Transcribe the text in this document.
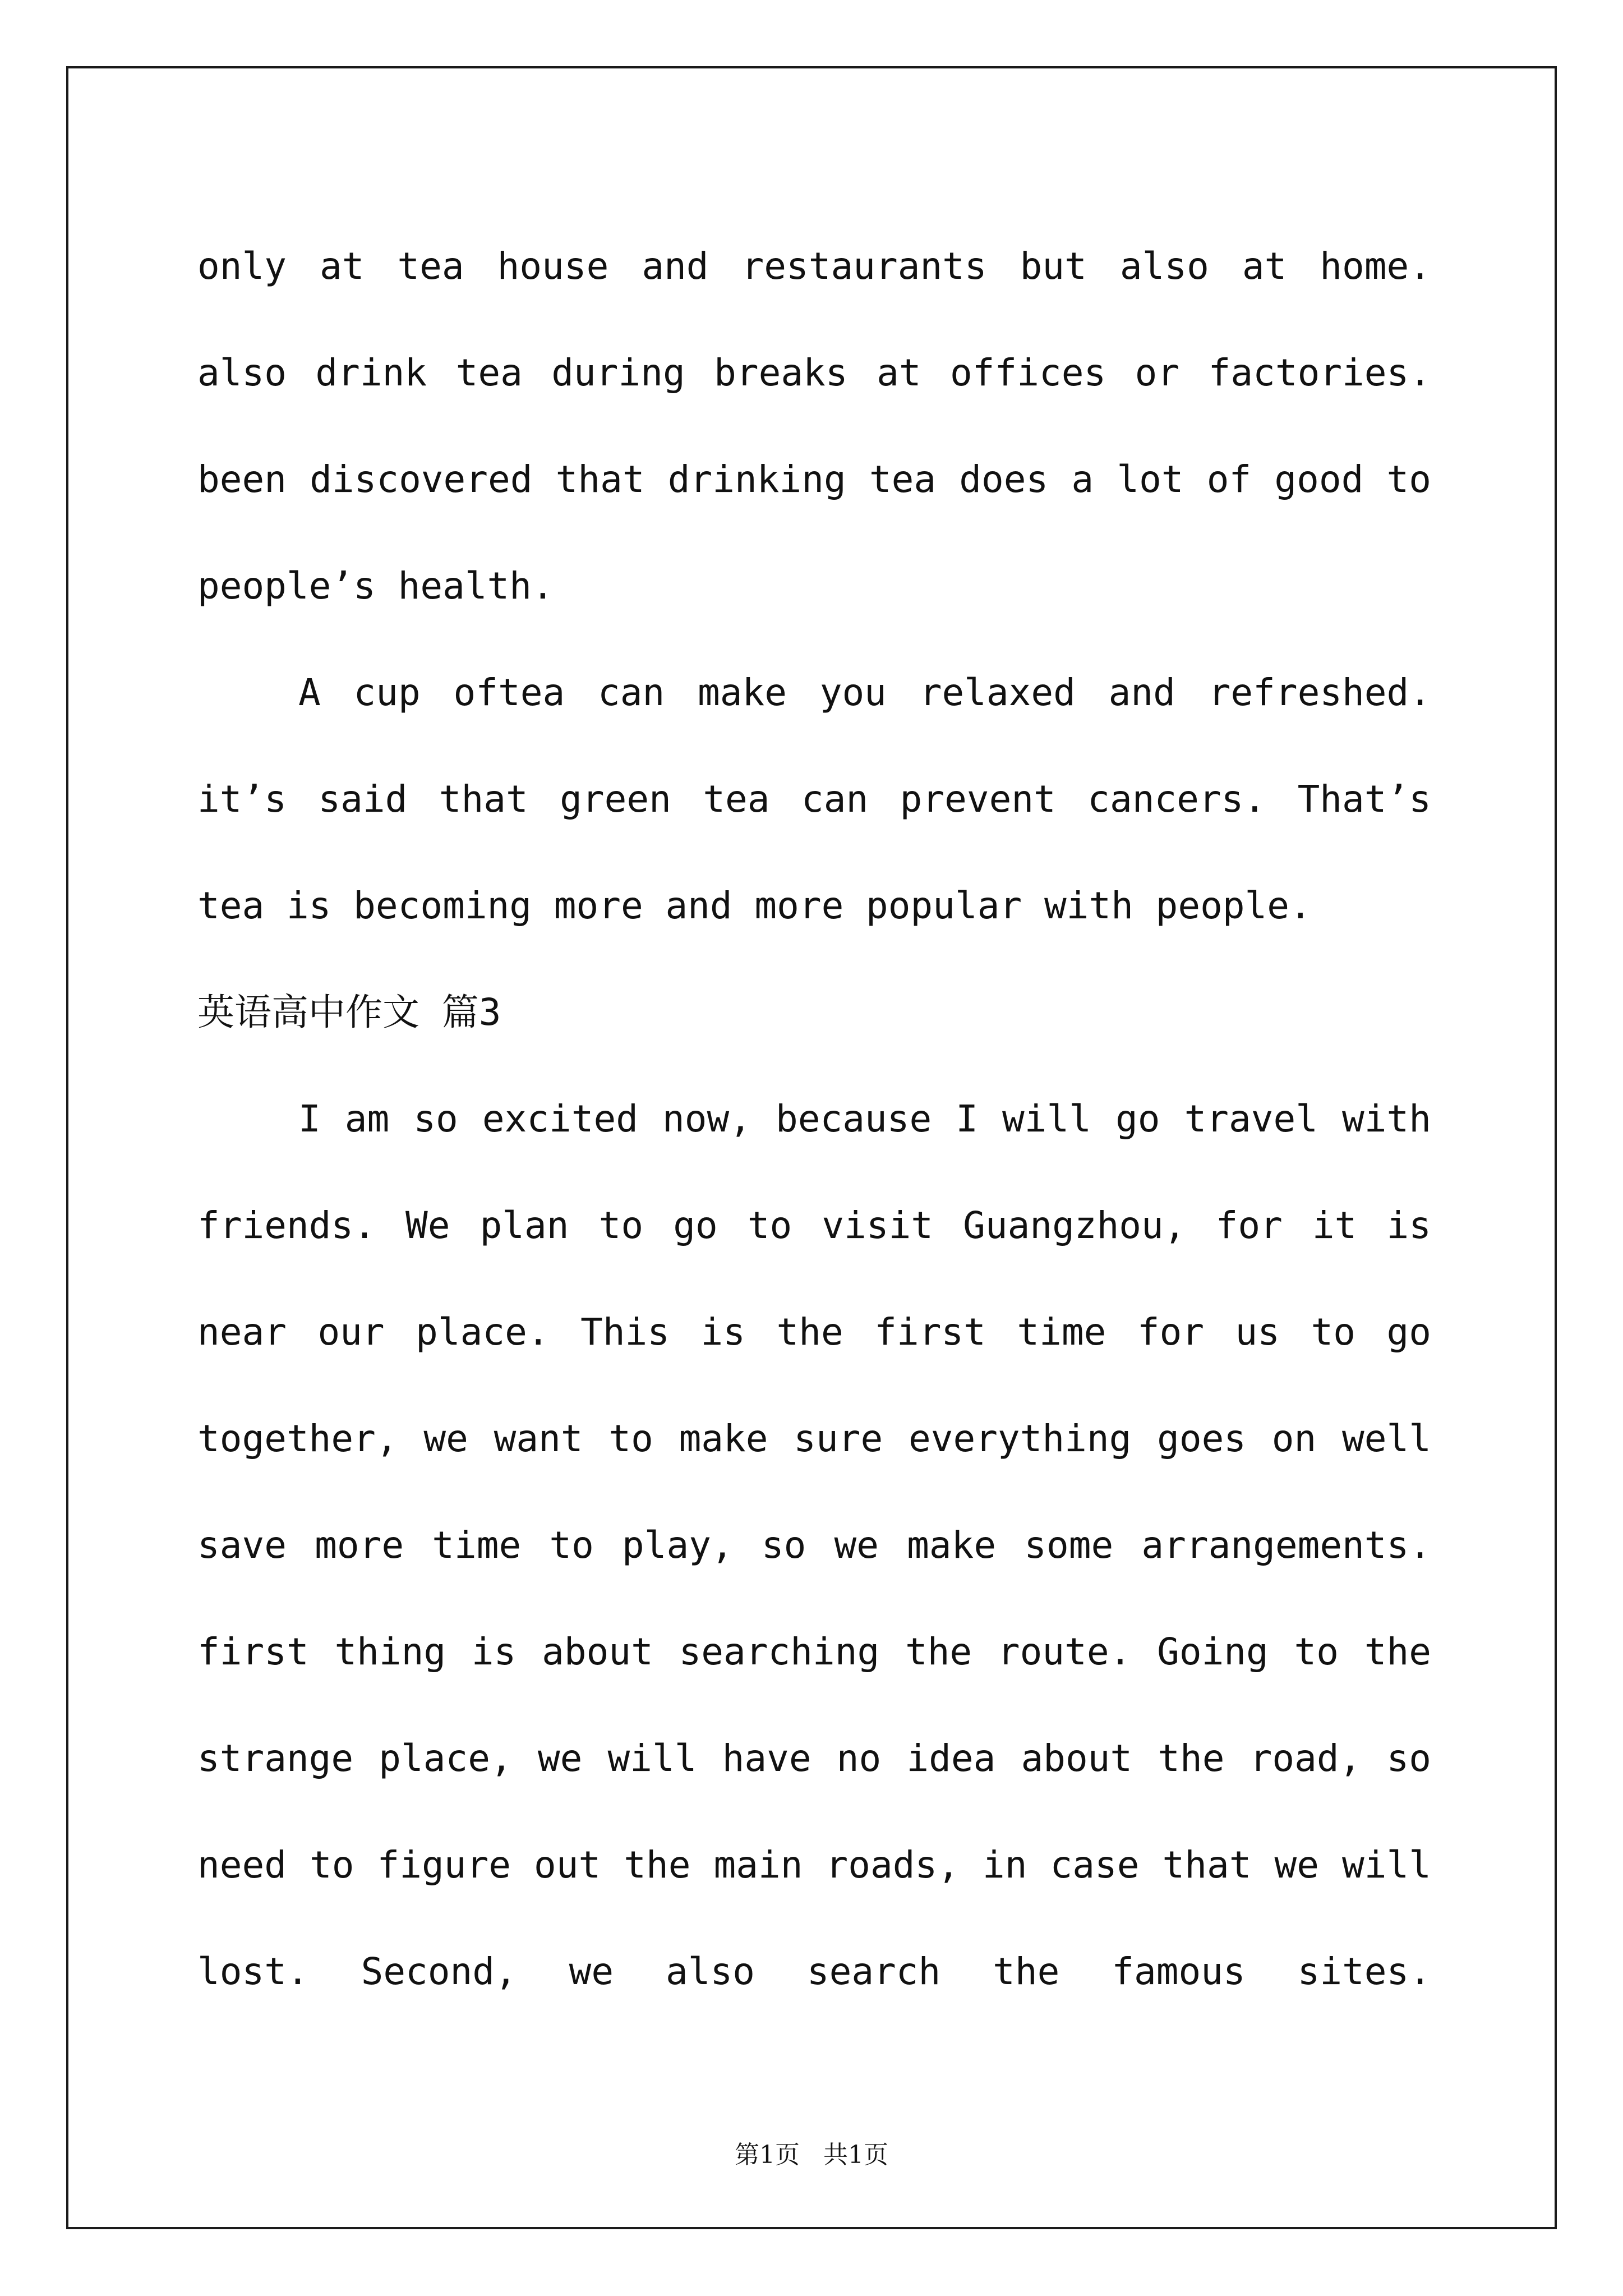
only at tea house and restaurants but also at home.
also drink tea during breaks at offices or factories.
been discovered that drinking tea does a lot of good to
people’s health.
A cup oftea can make you relaxed and refreshed.
it’s said that green tea can prevent cancers. That’s
tea is becoming more and more popular with people.
英语高中作文 篇3
I am so excited now, because I will go travel with
friends. We plan to go to visit Guangzhou, for it is
near our place. This is the first time for us to go
together, we want to make sure everything goes on well
save more time to play, so we make some arrangements.
first thing is about searching the route. Going to the
strange place, we will have no idea about the road, so
need to figure out the main roads, in case that we will
lost. Second, we also search the famous sites.
第1页   共1页
